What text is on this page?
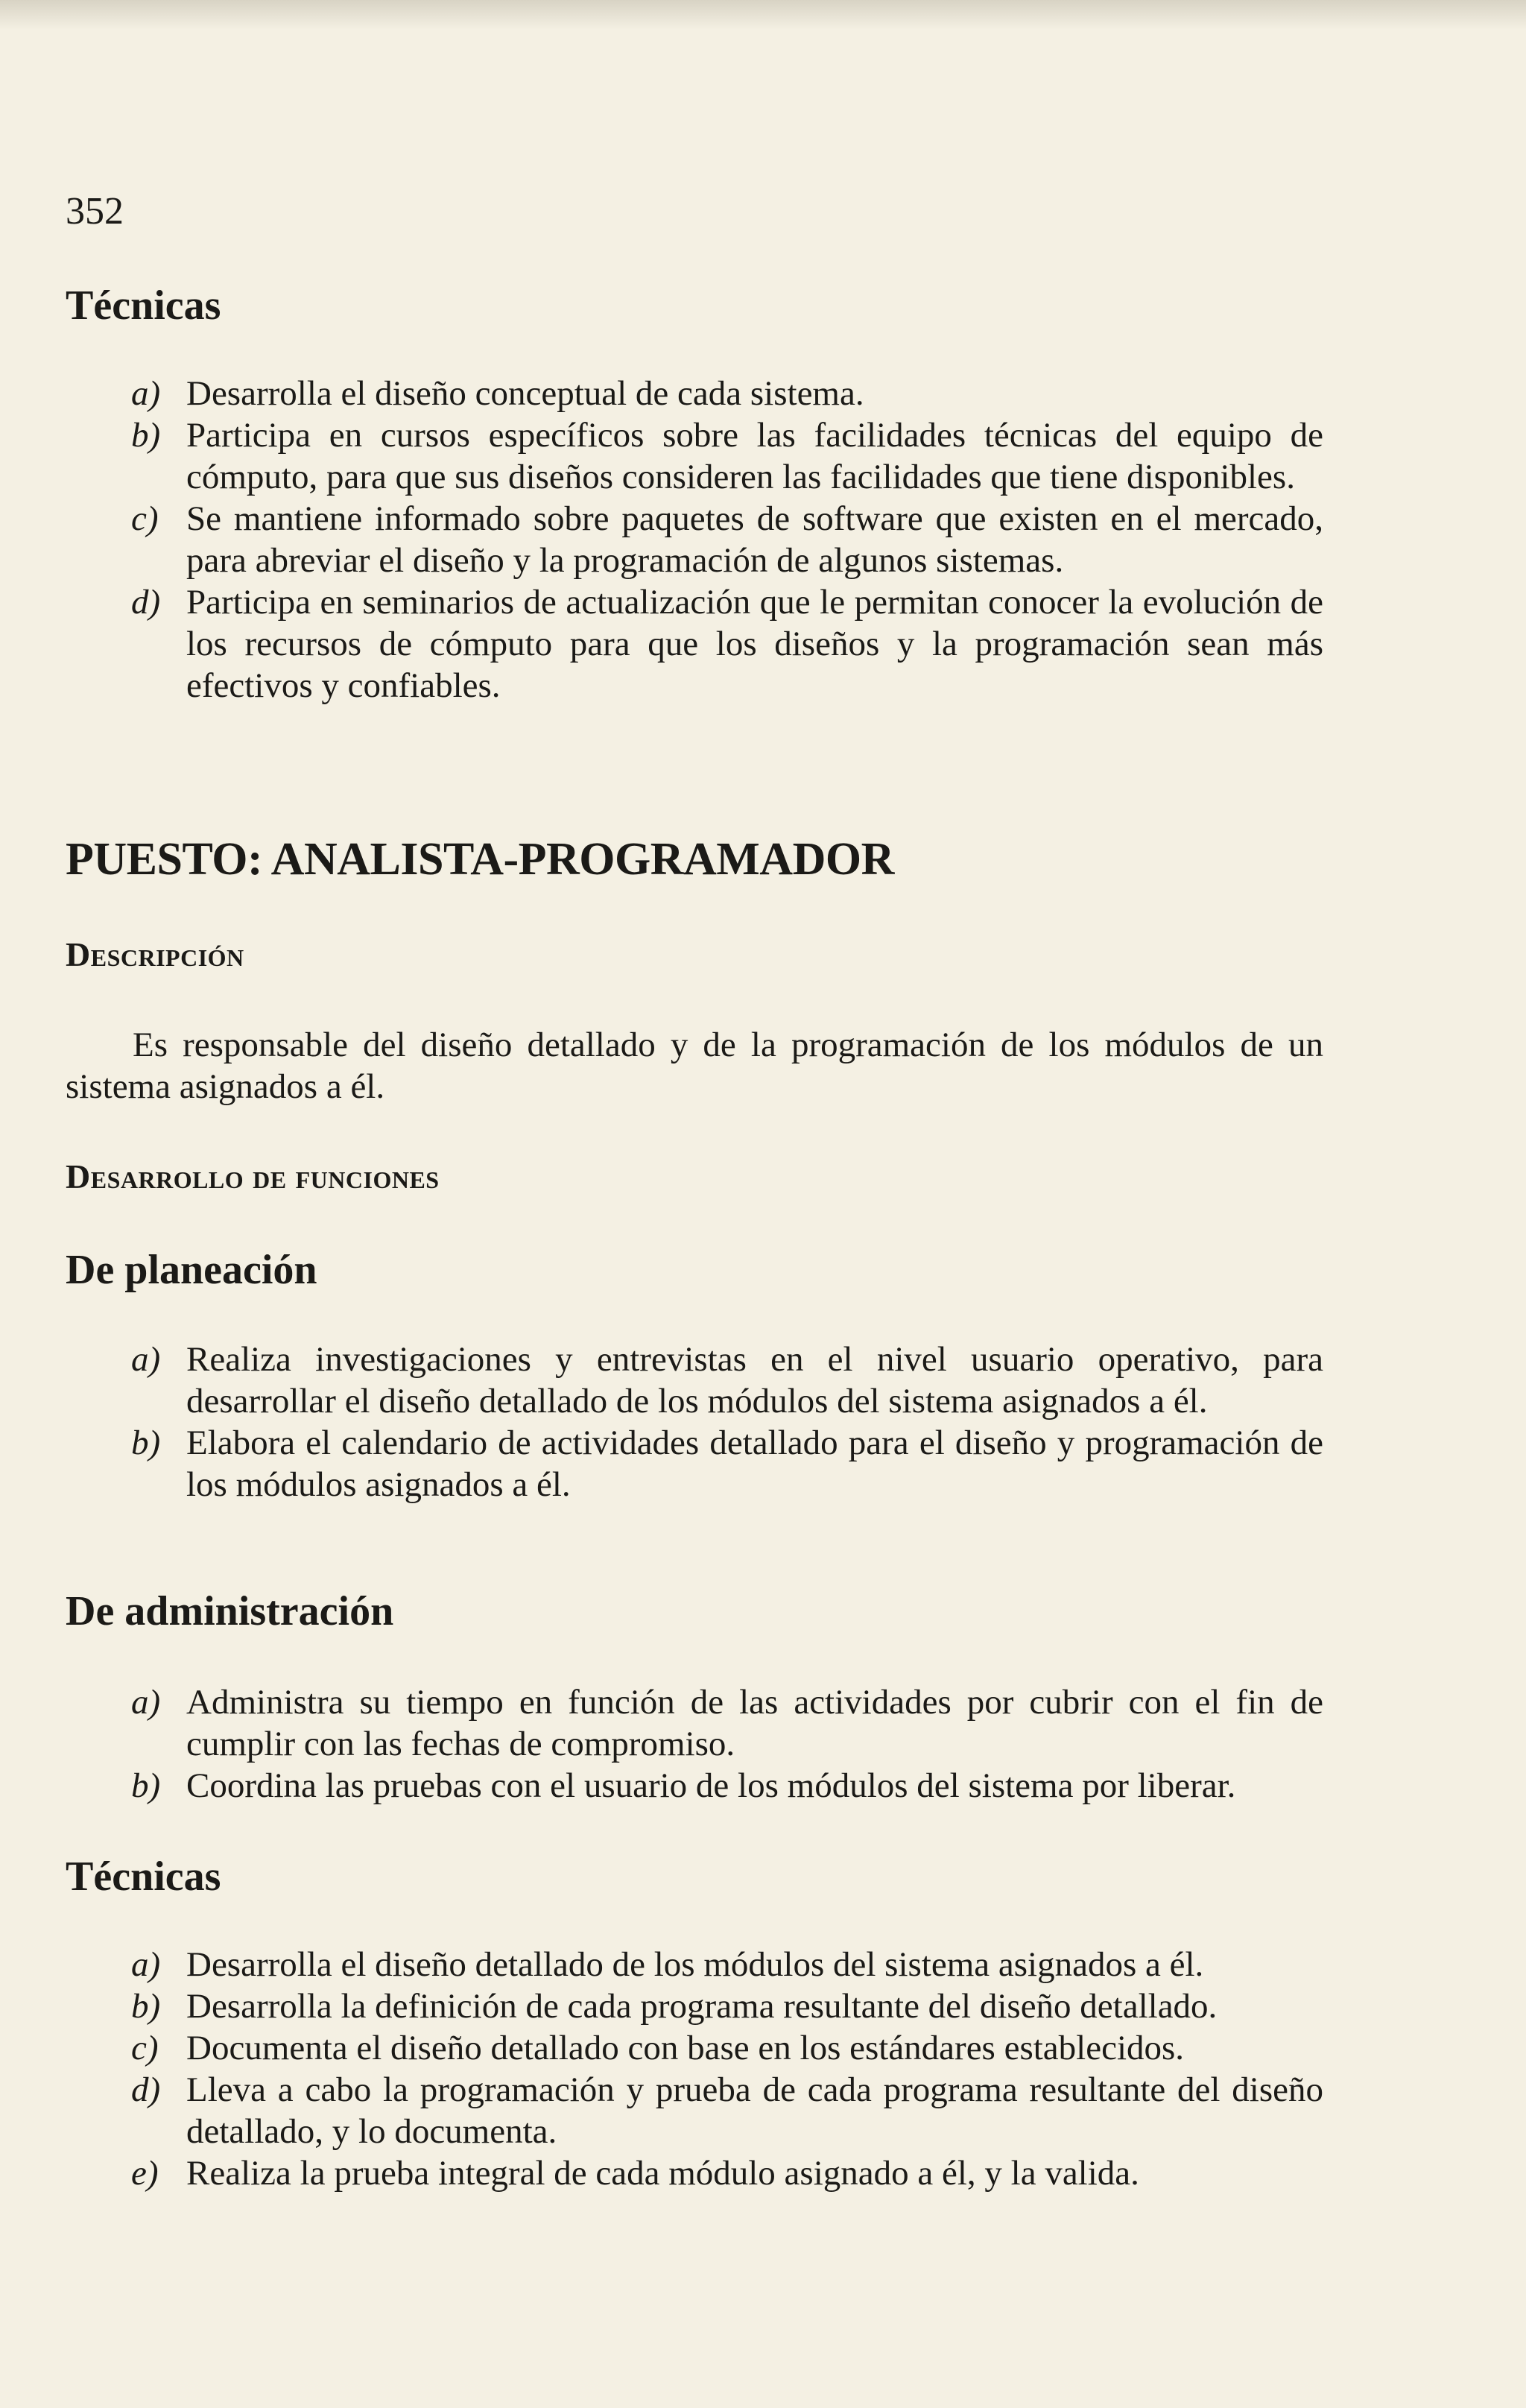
352
Técnicas
a) Desarrolla el diseño conceptual de cada sistema.
b) Participa en cursos específicos sobre las facilidades técnicas del equipo de cómputo, para que sus diseños consideren las facilidades que tiene disponibles.
c) Se mantiene informado sobre paquetes de software que existen en el mercado, para abreviar el diseño y la programación de algunos sistemas.
d) Participa en seminarios de actualización que le permitan conocer la evolución de los recursos de cómputo para que los diseños y la programación sean más efectivos y confiables.
PUESTO: ANALISTA-PROGRAMADOR
Descripción
Es responsable del diseño detallado y de la programación de los módulos de un sistema asignados a él.
Desarrollo de funciones
De planeación
a) Realiza investigaciones y entrevistas en el nivel usuario operativo, para desarrollar el diseño detallado de los módulos del sistema asignados a él.
b) Elabora el calendario de actividades detallado para el diseño y programación de los módulos asignados a él.
De administración
a) Administra su tiempo en función de las actividades por cubrir con el fin de cumplir con las fechas de compromiso.
b) Coordina las pruebas con el usuario de los módulos del sistema por liberar.
Técnicas
a) Desarrolla el diseño detallado de los módulos del sistema asignados a él.
b) Desarrolla la definición de cada programa resultante del diseño detallado.
c) Documenta el diseño detallado con base en los estándares establecidos.
d) Lleva a cabo la programación y prueba de cada programa resultante del diseño detallado, y lo documenta.
e) Realiza la prueba integral de cada módulo asignado a él, y la valida.
